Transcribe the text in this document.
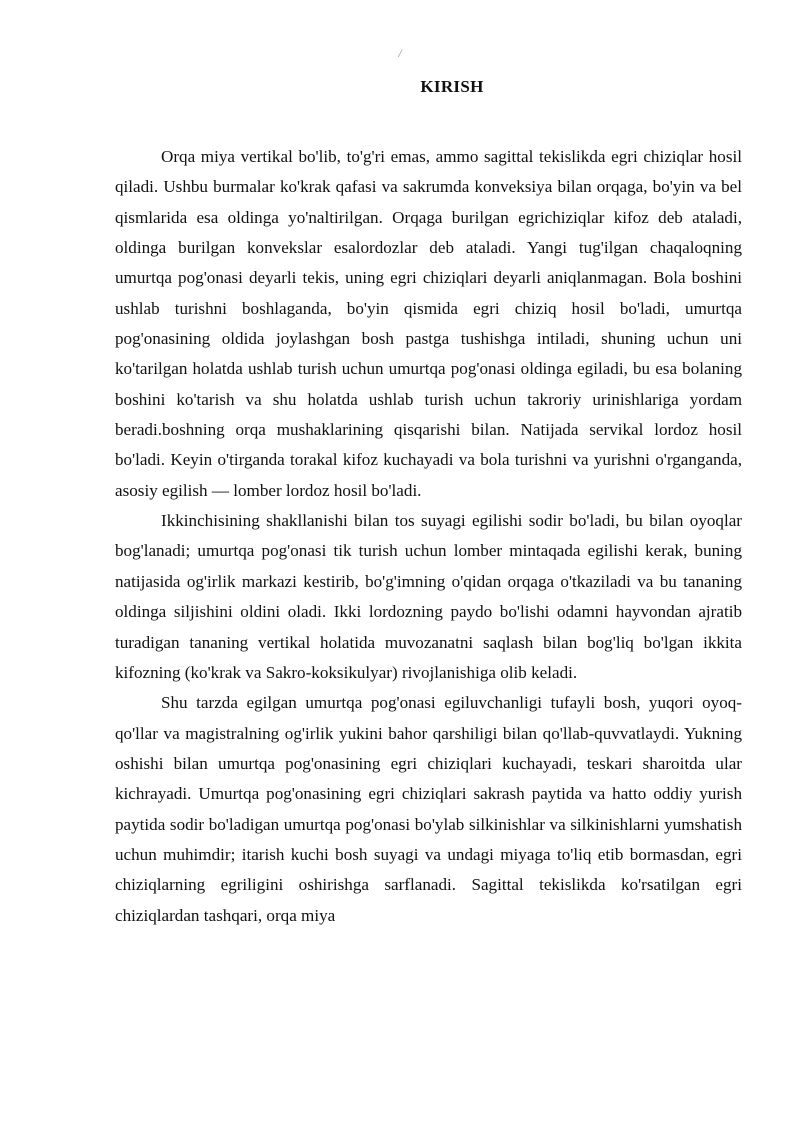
/
KIRISH

Orqa miya vertikal bo'lib, to'g'ri emas, ammo sagittal tekislikda egri chiziqlar hosil qiladi. Ushbu burmalar ko'krak qafasi va sakrumda konveksiya bilan orqaga, bo'yin va bel qismlarida esa oldinga yo'naltirilgan. Orqaga burilgan egrichiziqlar kifoz deb ataladi, oldinga burilgan konvekslar esalordozlar deb ataladi. Yangi tug'ilgan chaqaloqning umurtqa pog'onasi deyarli tekis, uning egri chiziqlari deyarli aniqlanmagan. Bola boshini ushlab turishni boshlaganda, bo'yin qismida egri chiziq hosil bo'ladi, umurtqa pog'onasining oldida joylashgan bosh pastga tushishga intiladi, shuning uchun uni ko'tarilgan holatda ushlab turish uchun umurtqa pog'onasi oldinga egiladi, bu esa bolaning boshini ko'tarish va shu holatda ushlab turish uchun takroriy urinishlariga yordam beradi.boshning orqa mushaklarining qisqarishi bilan. Natijada servikal lordoz hosil bo'ladi. Keyin o'tirganda torakal kifoz kuchayadi va bola turishni va yurishni o'rganganda, asosiy egilish — lomber lordoz hosil bo'ladi.

Ikkinchisining shakllanishi bilan tos suyagi egilishi sodir bo'ladi, bu bilan oyoqlar bog'lanadi; umurtqa pog'onasi tik turish uchun lomber mintaqada egilishi kerak, buning natijasida og'irlik markazi kestirib, bo'g'imning o'qidan orqaga o'tkaziladi va bu tananing oldinga siljishini oldini oladi. Ikki lordozning paydo bo'lishi odamni hayvondan ajratib turadigan tananing vertikal holatida muvozanatni saqlash bilan bog'liq bo'lgan ikkita kifozning (ko'krak va Sakro-koksikulyar) rivojlanishiga olib keladi.

Shu tarzda egilgan umurtqa pog'onasi egiluvchanligi tufayli bosh, yuqori oyoq-qo'llar va magistralning og'irlik yukini bahor qarshiligi bilan qo'llab-quvvatlaydi. Yukning oshishi bilan umurtqa pog'onasining egri chiziqlari kuchayadi, teskari sharoitda ular kichrayadi. Umurtqa pog'onasining egri chiziqlari sakrash paytida va hatto oddiy yurish paytida sodir bo'ladigan umurtqa pog'onasi bo'ylab silkinishlar va silkinishlarni yumshatish uchun muhimdir; itarish kuchi bosh suyagi va undagi miyaga to'liq etib bormasdan, egri chiziqlarning egriligini oshirishga sarflanadi. Sagittal tekislikda ko'rsatilgan egri chiziqlardan tashqari, orqa miya
